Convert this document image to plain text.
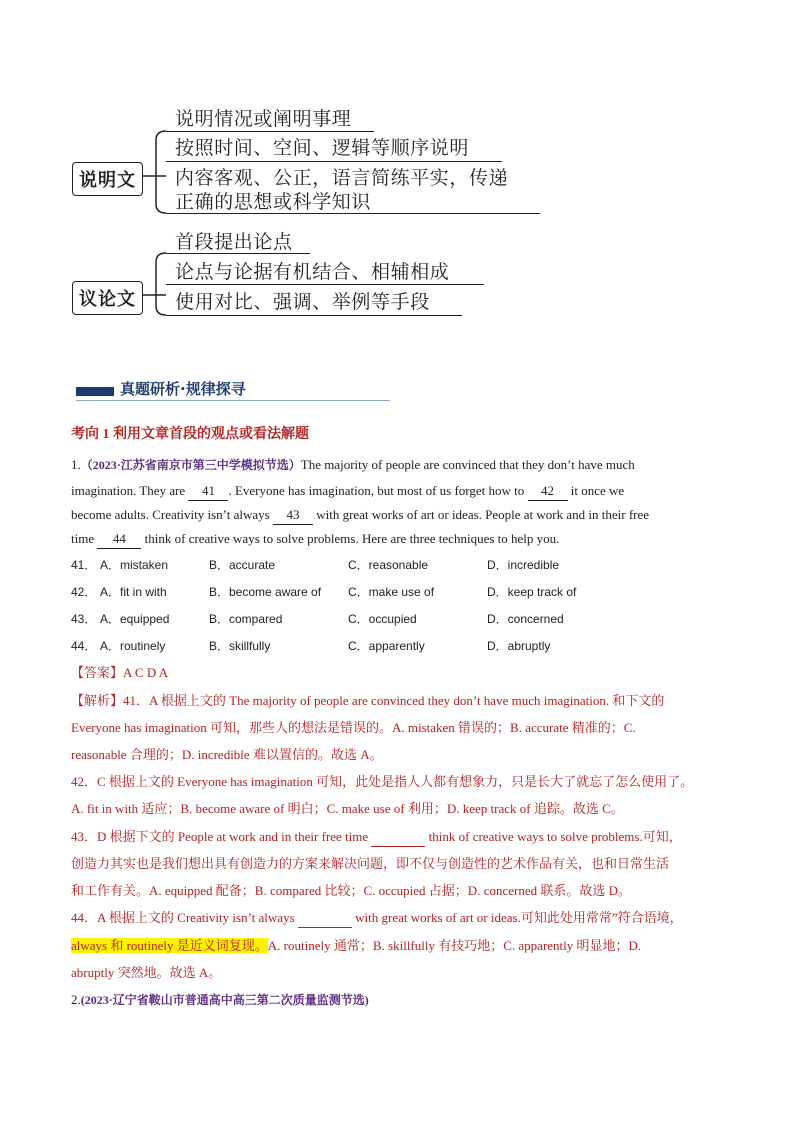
说明文
说明情况或阐明事理
按照时间、空间、逻辑等顺序说明
内容客观、公正，语言简练平实，传递
正确的思想或科学知识
议论文
首段提出论点
论点与论据有机结合、相辅相成
使用对比、强调、举例等手段
真题研析·规律探寻
考向 1 利用文章首段的观点或看法解题
1.（2023·江苏省南京市第三中学模拟节选）The majority of people are convinced that they don’t have much
imagination. They are 41 . Everyone has imagination, but most of us forget how to 42 it once we
become adults. Creativity isn’t always 43 with great works of art or ideas. People at work and in their free
time 44 think of creative ways to solve problems. Here are three techniques to help you.
41． A．mistaken	B．accurate	C．reasonable	D．incredible
42． A．fit in with	B．become aware of C．make use of	D．keep track of
43． A．equipped	B．compared	C．occupied	D．concerned
44． A．routinely	B．skillfully	C．apparently	D．abruptly
【答案】A C D A
【解析】41．A 根据上文的 The majority of people are convinced they don’t have much imagination. 和下文的
Everyone has imagination 可知，那些人的想法是错误的。A. mistaken 错误的；B. accurate 精准的；C.
reasonable 合理的；D. incredible 难以置信的。故选 A。
42．C 根据上文的 Everyone has imagination 可知，此处是指人人都有想象力，只是长大了就忘了怎么使用了。
A. fit in with 适应；B. become aware of 明白；C. make use of 利用；D. keep track of 追踪。故选 C。
43．D 根据下文的 People at work and in their free time	think of creative ways to solve problems.可知，
创造力其实也是我们想出具有创造力的方案来解决问题，即不仅与创造性的艺术作品有关，也和日常生活
和工作有关。A. equipped 配备；B. compared 比较；C. occupied 占据；D. concerned 联系。故选 D。
44．A 根据上文的 Creativity isn’t always	with great works of art or ideas.可知此处用常常”符合语境，
always 和 routinely 是近义词复现。A. routinely 通常；B. skillfully 有技巧地；C. apparently 明显地；D.
abruptly 突然地。故选 A。
2.(2023·辽宁省鞍山市普通高中高三第二次质量监测节选)
